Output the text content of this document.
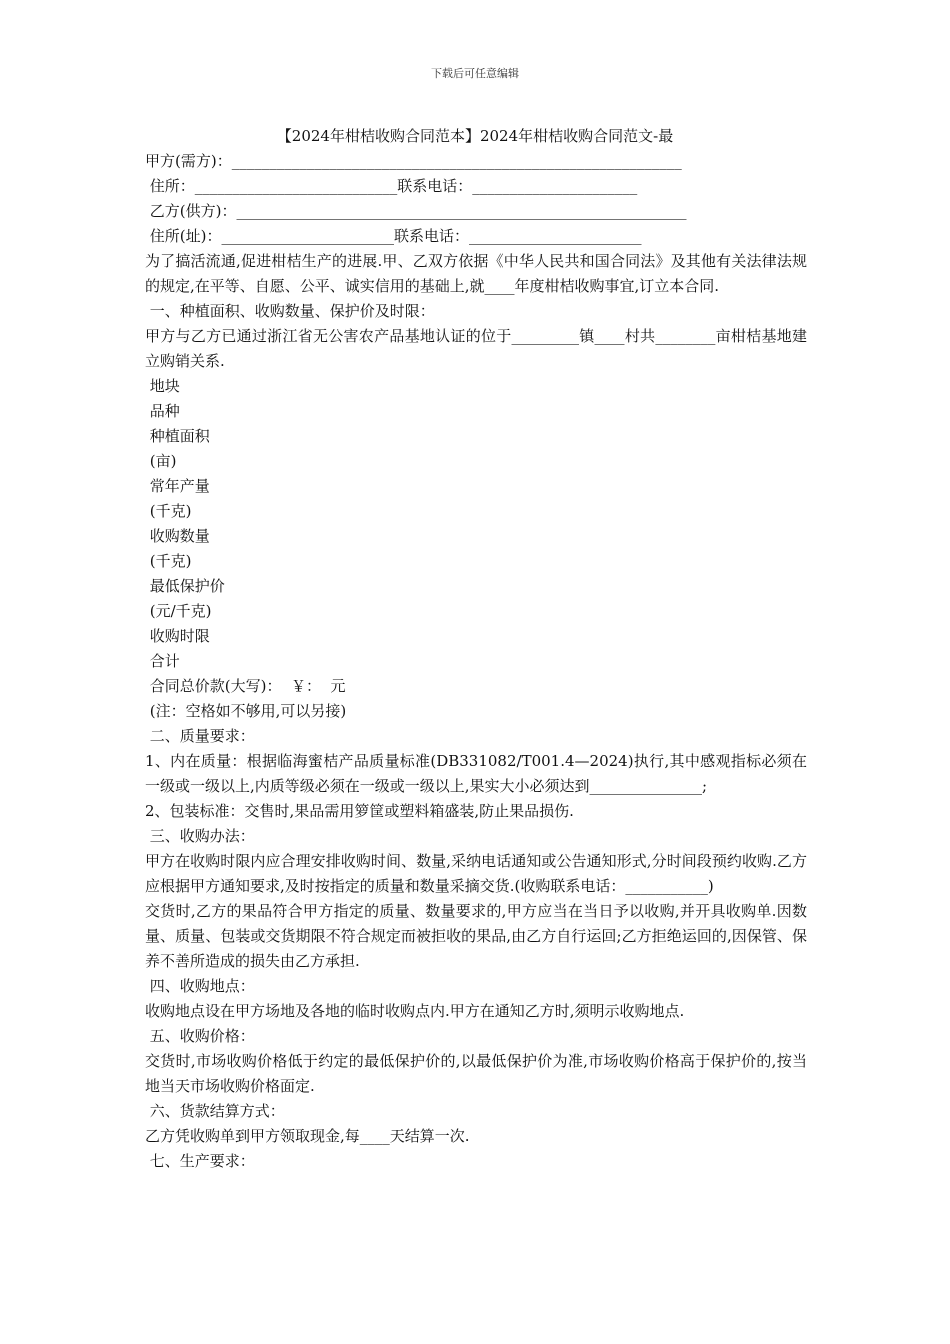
下载后可任意编辑
【2024年柑桔收购合同范本】2024年柑桔收购合同范文-最
甲方(需方)：____________________________________________________________
住所：___________________________联系电话：______________________
乙方(供方)：____________________________________________________________
住所(址)：_______________________联系电话：_______________________
为了搞活流通,促进柑桔生产的进展.甲、乙双方依据《中华人民共和国合同法》及其他有关法律法规的规定,在平等、自愿、公平、诚实信用的基础上,就____年度柑桔收购事宜,订立本合同.
一、种植面积、收购数量、保护价及时限：
甲方与乙方已通过浙江省无公害农产品基地认证的位于_________镇____村共________亩柑桔基地建立购销关系.
地块
品种
种植面积
(亩)
常年产量
(千克)
收购数量
(千克)
最低保护价
(元/千克)
收购时限
合计
合同总价款(大写)：  ￥：  元
(注：空格如不够用,可以另接)
二、质量要求：
1、内在质量：根据临海蜜桔产品质量标准(DB331082/T001.4—2024)执行,其中感观指标必须在一级或一级以上,内质等级必须在一级或一级以上,果实大小必须达到_______________;
2、包装标准：交售时,果品需用箩筐或塑料箱盛装,防止果品损伤.
三、收购办法：
甲方在收购时限内应合理安排收购时间、数量,采纳电话通知或公告通知形式,分时间段预约收购.乙方应根据甲方通知要求,及时按指定的质量和数量采摘交货.(收购联系电话：___________)
交货时,乙方的果品符合甲方指定的质量、数量要求的,甲方应当在当日予以收购,并开具收购单.因数量、质量、包装或交货期限不符合规定而被拒收的果品,由乙方自行运回;乙方拒绝运回的,因保管、保养不善所造成的损失由乙方承担.
四、收购地点：
收购地点设在甲方场地及各地的临时收购点内.甲方在通知乙方时,须明示收购地点.
五、收购价格：
交货时,市场收购价格低于约定的最低保护价的,以最低保护价为准,市场收购价格高于保护价的,按当地当天市场收购价格面定.
六、货款结算方式：
乙方凭收购单到甲方领取现金,每____天结算一次.
七、生产要求：
